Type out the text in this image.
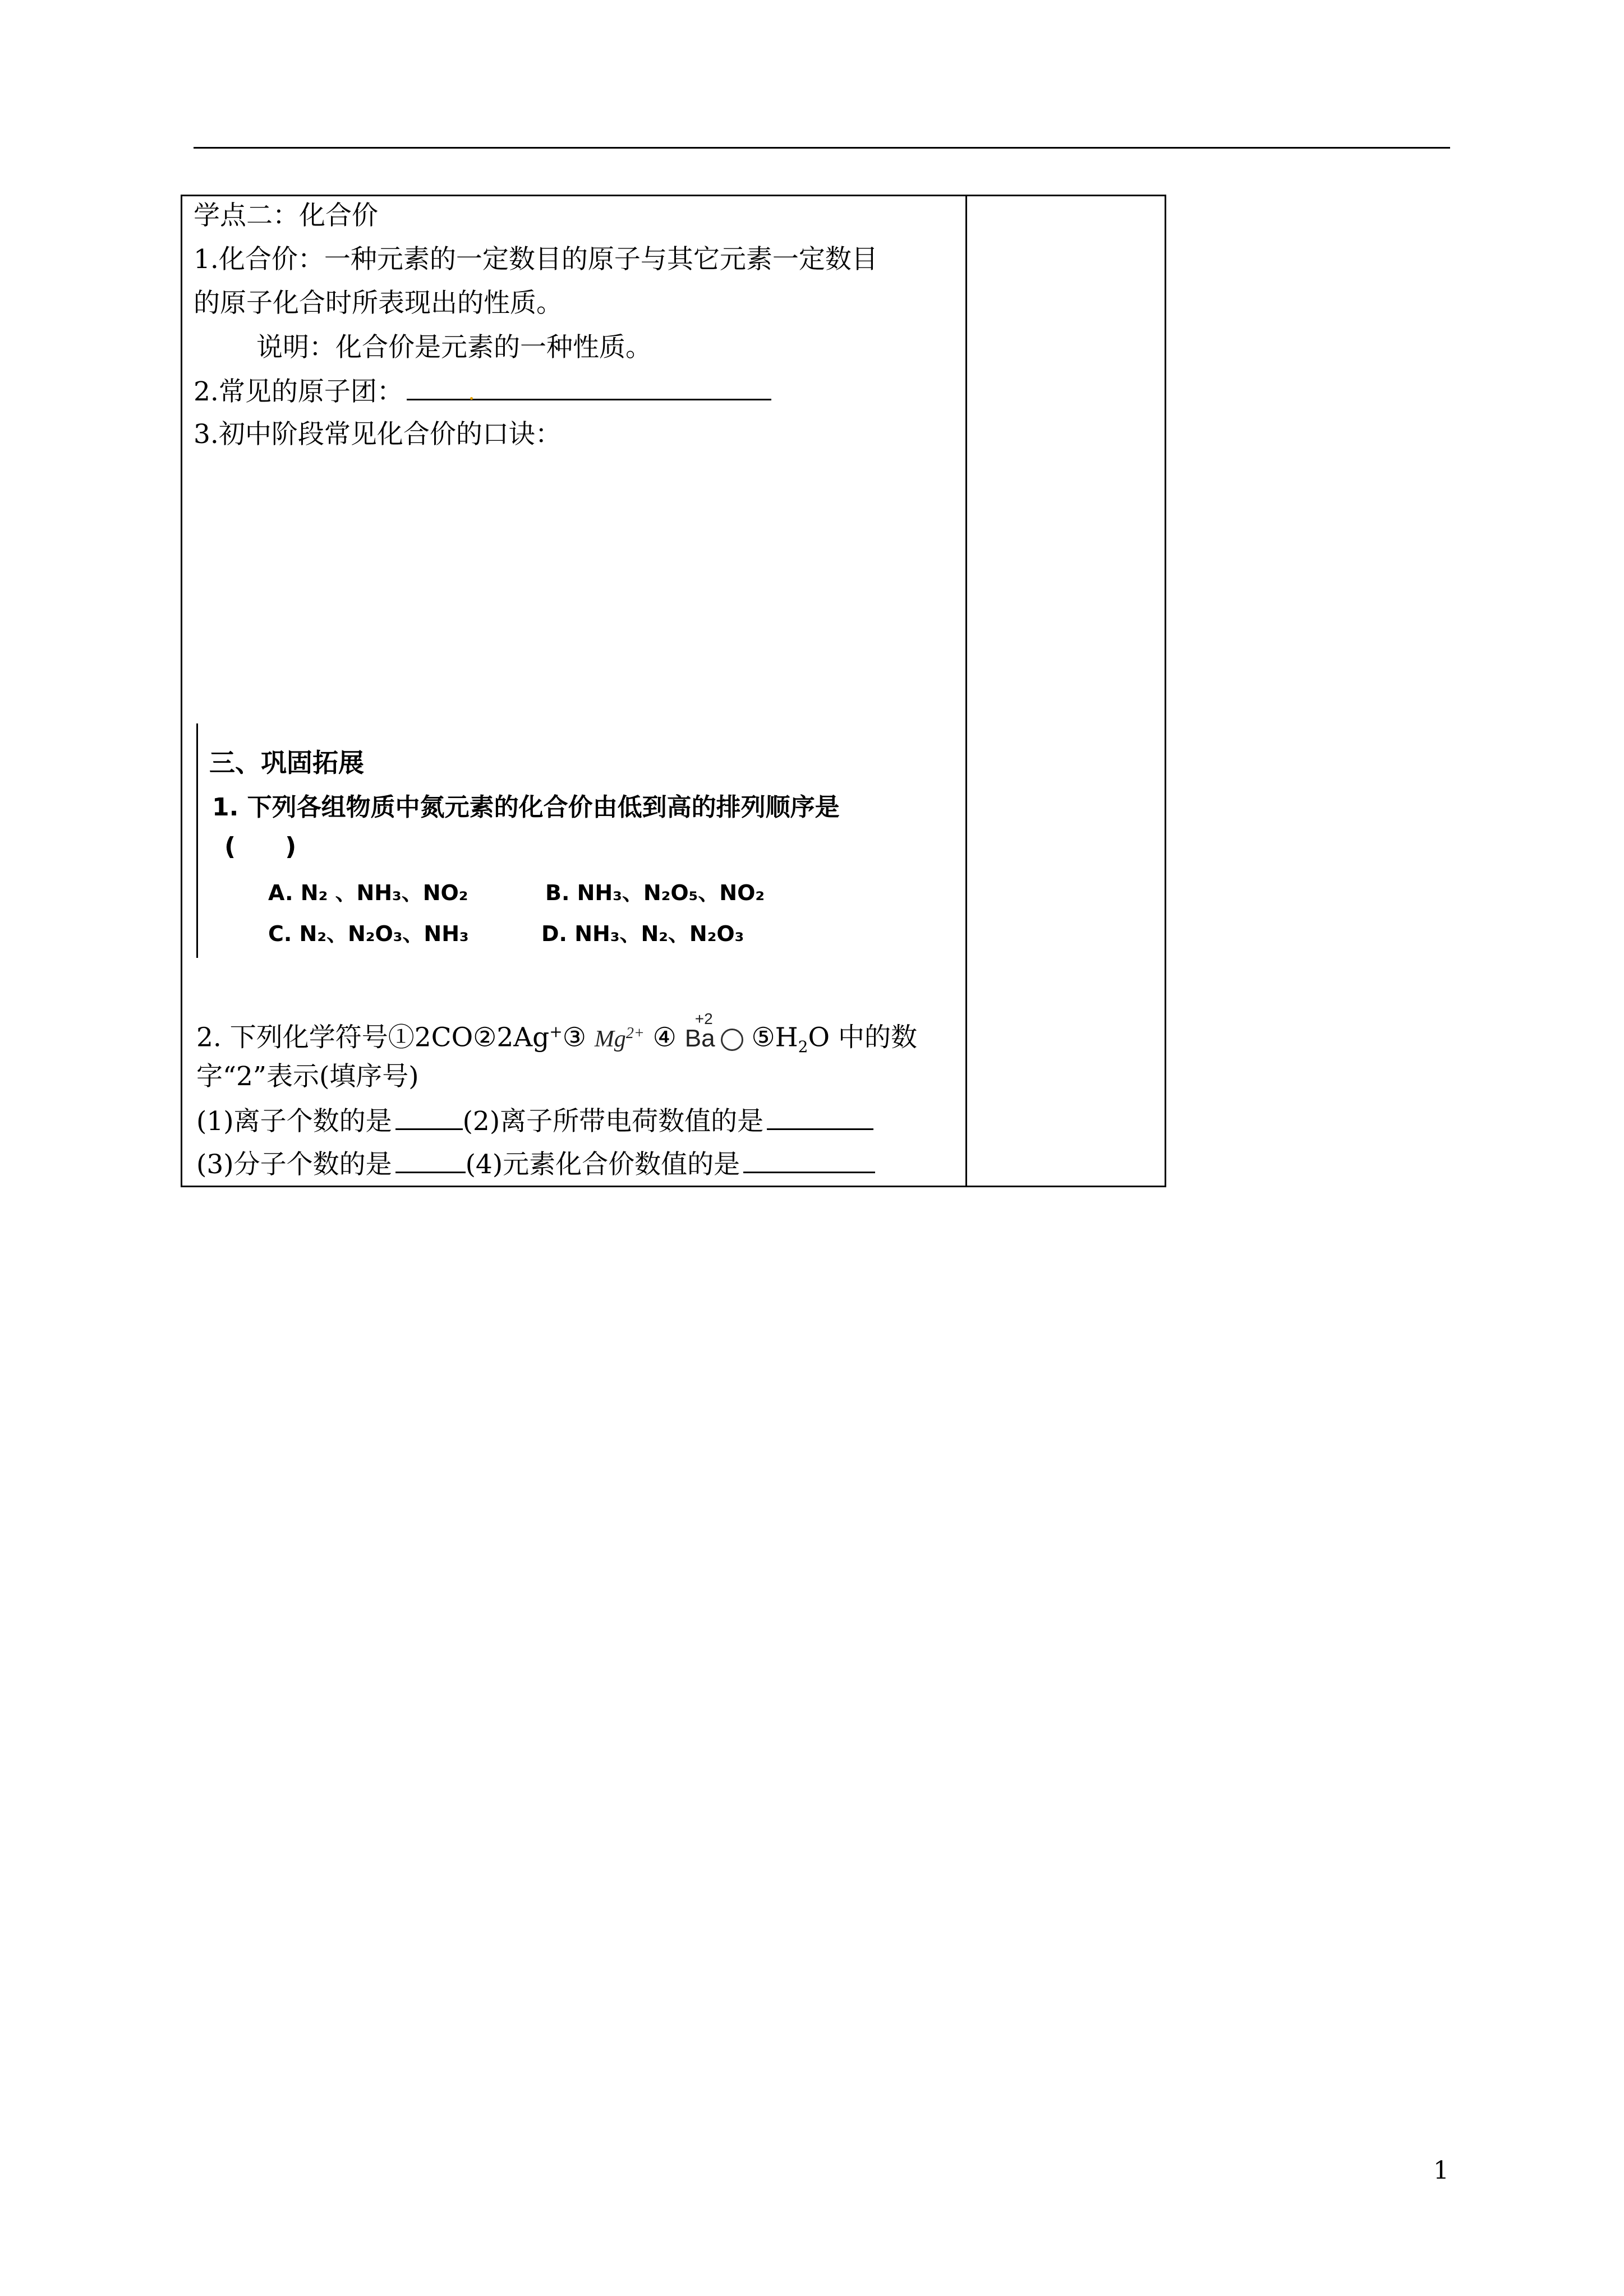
学点二：化合价
1.化合价：一种元素的一定数目的原子与其它元素一定数目
的原子化合时所表现出的性质。
说明：化合价是元素的一种性质。
2.常见的原子团：
3.初中阶段常见化合价的口诀：
三、巩固拓展
1. 下列各组物质中氮元素的化合价由低到高的排列顺序是
(　　)
A. N₂ 、NH₃、NO₂	B. NH₃、N₂O₅、NO₂
C. N₂、N₂O₃、NH₃	D. NH₃、N₂、N₂O₃
2. 下列化学符号①2CO②2Ag+③ $Mg^{2+}$ ④
+2
Ba $⑤H_2O$ 中的数
字“2”表示(填序号)
(1)离子个数的是	(2)离子所带电荷数值的是
(3)分子个数的是	(4)元素化合价数值的是
1
